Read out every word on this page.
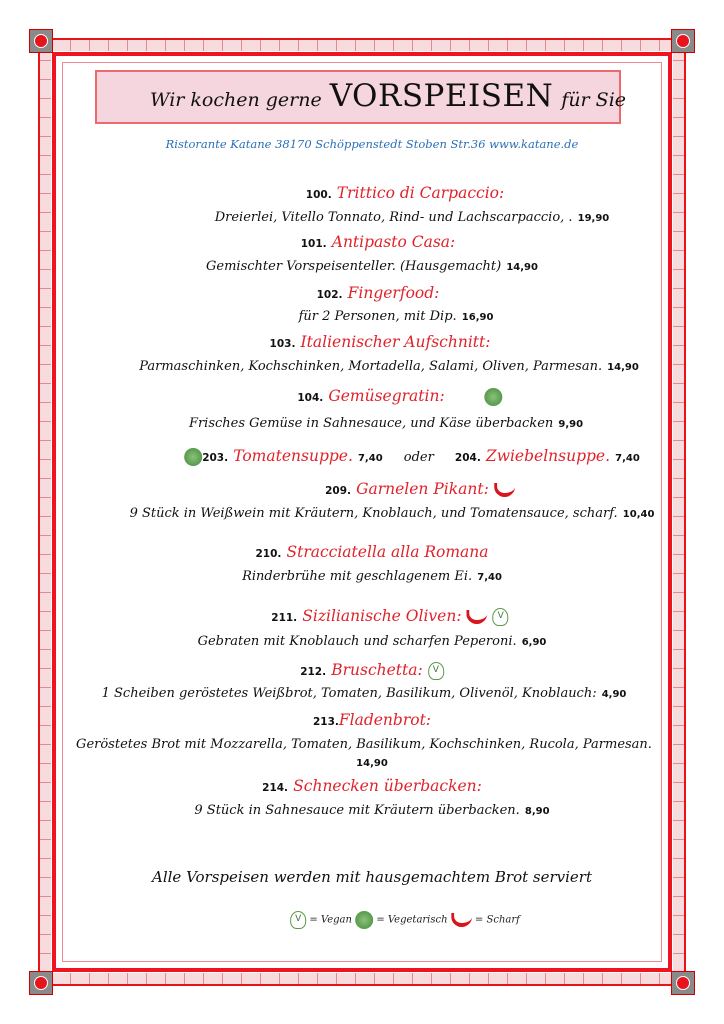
Wir kochen gerne VORSPEISEN für Sie
Ristorante Katane 38170 Schöppenstedt Stoben Str.36 www.katane.de
100. Trittico di Carpaccio:
Dreierlei, Vitello Tonnato, Rind- und Lachscarpaccio, . 19,90
101. Antipasto Casa:
Gemischter Vorspeisenteller. (Hausgemacht) 14,90
102. Fingerfood:
für 2 Personen, mit Dip. 16,90
103. Italienischer Aufschnitt:
Parmaschinken, Kochschinken, Mortadella, Salami, Oliven, Parmesan. 14,90
104. Gemüsegratin:
Frisches Gemüse in Sahnesauce, und Käse überbacken 9,90
203. Tomatensuppe. 7,40 oder 204. Zwiebelnsuppe. 7,40
209. Garnelen Pikant:
9 Stück in Weißwein mit Kräutern, Knoblauch, und Tomatensauce, scharf. 10,40
210. Stracciatella alla Romana
Rinderbrühe mit geschlagenem Ei. 7,40
211. Sizilianische Oliven:	V
Gebraten mit Knoblauch und scharfen Peperoni. 6,90
212. Bruschetta: V
1 Scheiben geröstetes Weißbrot, Tomaten, Basilikum, Olivenöl, Knoblauch: 4,90
213.Fladenbrot:
Geröstetes Brot mit Mozzarella, Tomaten, Basilikum, Kochschinken, Rucola, Parmesan.
14,90
214. Schnecken überbacken:
9 Stück in Sahnesauce mit Kräutern überbacken. 8,90
Alle Vorspeisen werden mit hausgemachtem Brot serviert
V = Vegan = Vegetarisch	= Scharf
